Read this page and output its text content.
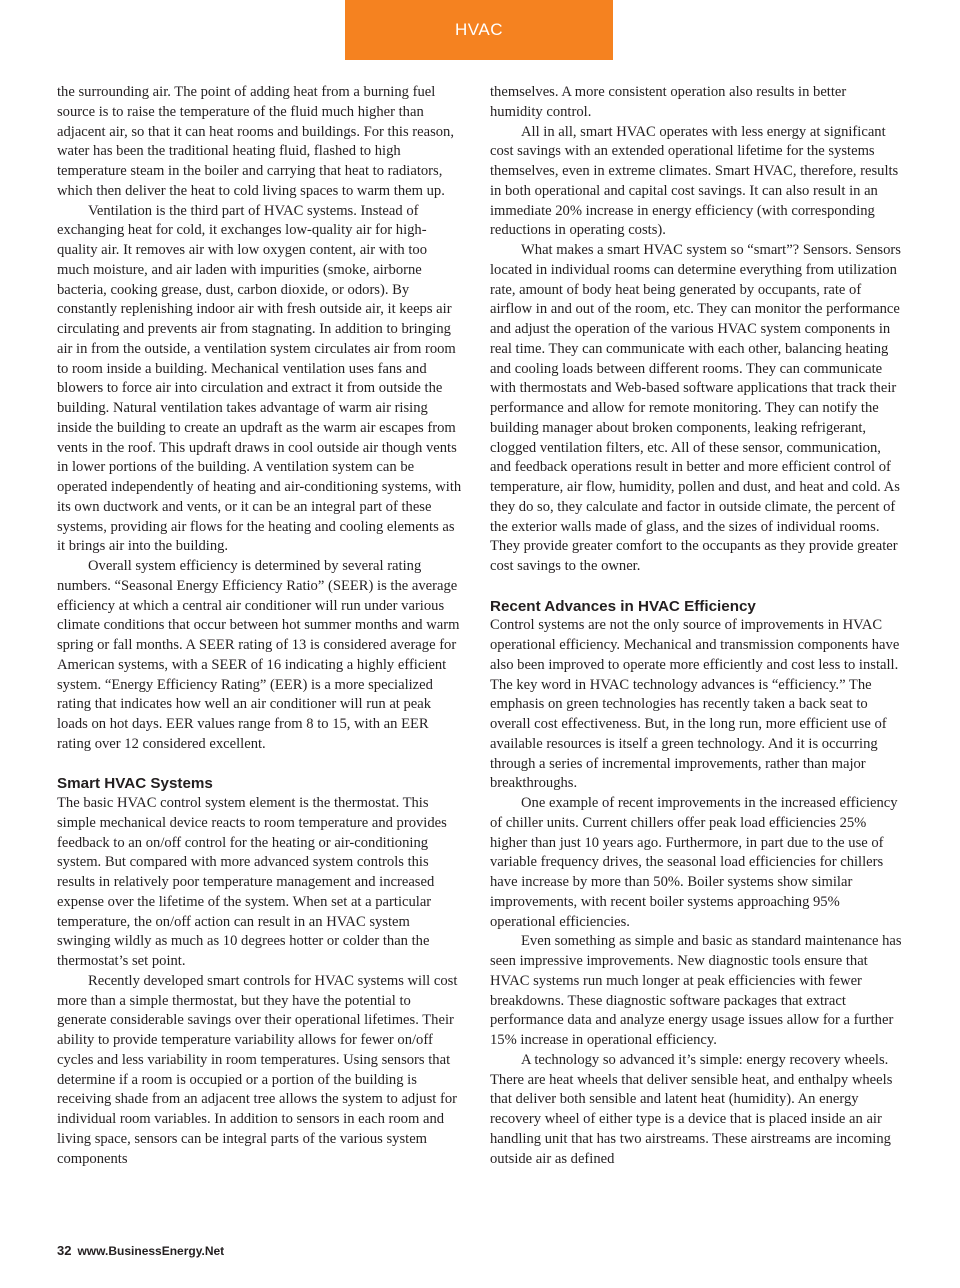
HVAC

the surrounding air. The point of adding heat from a burning fuel source is to raise the temperature of the fluid much higher than adjacent air, so that it can heat rooms and buildings. For this reason, water has been the traditional heating fluid, flashed to high temperature steam in the boiler and carrying that heat to radiators, which then deliver the heat to cold living spaces to warm them up.

Ventilation is the third part of HVAC systems. Instead of exchanging heat for cold, it exchanges low-quality air for high-quality air. It removes air with low oxygen content, air with too much moisture, and air laden with impurities (smoke, airborne bacteria, cooking grease, dust, carbon dioxide, or odors). By constantly replenishing indoor air with fresh outside air, it keeps air circulating and prevents air from stagnating. In addition to bringing air in from the outside, a ventilation system circulates air from room to room inside a building. Mechanical ventilation uses fans and blowers to force air into circulation and extract it from outside the building. Natural ventilation takes advantage of warm air rising inside the building to create an updraft as the warm air escapes from vents in the roof. This updraft draws in cool outside air though vents in lower portions of the building. A ventilation system can be operated independently of heating and air-conditioning systems, with its own ductwork and vents, or it can be an integral part of these systems, providing air flows for the heating and cooling elements as it brings air into the building.

Overall system efficiency is determined by several rating numbers. “Seasonal Energy Efficiency Ratio” (SEER) is the average efficiency at which a central air conditioner will run under various climate conditions that occur between hot summer months and warm spring or fall months. A SEER rating of 13 is considered average for American systems, with a SEER of 16 indicating a highly efficient system. “Energy Efficiency Rating” (EER) is a more specialized rating that indicates how well an air conditioner will run at peak loads on hot days. EER values range from 8 to 15, with an EER rating over 12 considered excellent.

Smart HVAC Systems

The basic HVAC control system element is the thermostat. This simple mechanical device reacts to room temperature and provides feedback to an on/off control for the heating or air-conditioning system. But compared with more advanced system controls this results in relatively poor temperature management and increased expense over the lifetime of the system. When set at a particular temperature, the on/off action can result in an HVAC system swinging wildly as much as 10 degrees hotter or colder than the thermostat’s set point.

Recently developed smart controls for HVAC systems will cost more than a simple thermostat, but they have the potential to generate considerable savings over their operational lifetimes. Their ability to provide temperature variability allows for fewer on/off cycles and less variability in room temperatures. Using sensors that determine if a room is occupied or a portion of the building is receiving shade from an adjacent tree allows the system to adjust for individual room variables. In addition to sensors in each room and living space, sensors can be integral parts of the various system components

themselves. A more consistent operation also results in better humidity control.

All in all, smart HVAC operates with less energy at significant cost savings with an extended operational lifetime for the systems themselves, even in extreme climates. Smart HVAC, therefore, results in both operational and capital cost savings. It can also result in an immediate 20% increase in energy efficiency (with corresponding reductions in operating costs).

What makes a smart HVAC system so “smart”? Sensors. Sensors located in individual rooms can determine everything from utilization rate, amount of body heat being generated by occupants, rate of airflow in and out of the room, etc. They can monitor the performance and adjust the operation of the various HVAC system components in real time. They can communicate with each other, balancing heating and cooling loads between different rooms. They can communicate with thermostats and Web-based software applications that track their performance and allow for remote monitoring. They can notify the building manager about broken components, leaking refrigerant, clogged ventilation filters, etc. All of these sensor, communication, and feedback operations result in better and more efficient control of temperature, air flow, humidity, pollen and dust, and heat and cold. As they do so, they calculate and factor in outside climate, the percent of the exterior walls made of glass, and the sizes of individual rooms. They provide greater comfort to the occupants as they provide greater cost savings to the owner.

Recent Advances in HVAC Efficiency

Control systems are not the only source of improvements in HVAC operational efficiency. Mechanical and transmission components have also been improved to operate more efficiently and cost less to install. The key word in HVAC technology advances is “efficiency.” The emphasis on green technologies has recently taken a back seat to overall cost effectiveness. But, in the long run, more efficient use of available resources is itself a green technology. And it is occurring through a series of incremental improvements, rather than major breakthroughs.

One example of recent improvements in the increased efficiency of chiller units. Current chillers offer peak load efficiencies 25% higher than just 10 years ago. Furthermore, in part due to the use of variable frequency drives, the seasonal load efficiencies for chillers have increase by more than 50%. Boiler systems show similar improvements, with recent boiler systems approaching 95% operational efficiencies.

Even something as simple and basic as standard maintenance has seen impressive improvements. New diagnostic tools ensure that HVAC systems run much longer at peak efficiencies with fewer breakdowns. These diagnostic software packages that extract performance data and analyze energy usage issues allow for a further 15% increase in operational efficiency.

A technology so advanced it’s simple: energy recovery wheels. There are heat wheels that deliver sensible heat, and enthalpy wheels that deliver both sensible and latent heat (humidity). An energy recovery wheel of either type is a device that is placed inside an air handling unit that has two airstreams. These airstreams are incoming outside air as defined

32 www.BusinessEnergy.Net
